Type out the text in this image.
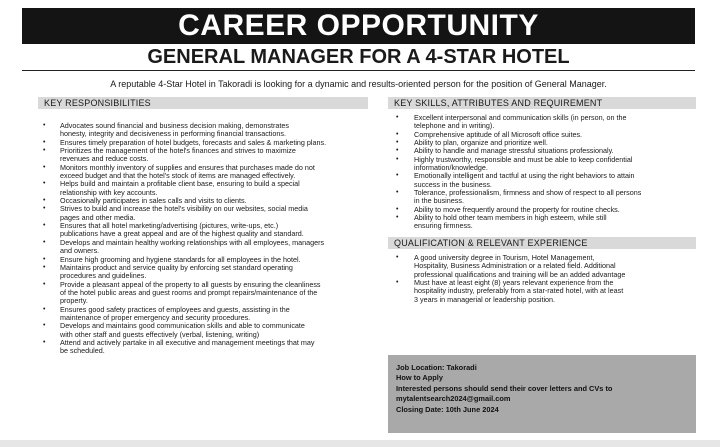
CAREER OPPORTUNITY
GENERAL MANAGER FOR A 4-STAR HOTEL
A reputable 4-Star Hotel in Takoradi is looking for a dynamic and results-oriented person for the position of General Manager.
KEY RESPONSIBILITIES
• Advocates sound financial and business decision making, demonstrates
honesty, integrity and decisiveness in performing financial transactions.
• Ensures timely preparation of hotel budgets, forecasts and sales & marketing plans.
• Prioritizes the management of the hotel's finances and strives to maximize
revenues and reduce costs.
• Monitors monthly inventory of supplies and ensures that purchases made do not
exceed budget and that the hotel's stock of items are managed effectively.
• Helps build and maintain a profitable client base, ensuring to build a special
relationship with key accounts.
• Occasionally participates in sales calls and visits to clients.
• Strives to build and increase the hotel's visibility on our websites, social media
pages and other media.
• Ensures that all hotel marketing/advertising (pictures, write-ups, etc.)
publications have a great appeal and are of the highest quality and standard.
• Develops and maintain healthy working relationships with all employees, managers
and owners.
• Ensure high grooming and hygiene standards for all employees in the hotel.
• Maintains product and service quality by enforcing set standard operating
procedures and guidelines.
• Provide a pleasant appeal of the property to all guests by ensuring the cleanliness
of the hotel public areas and guest rooms and prompt repairs/maintenance of the
property.
• Ensures good safety practices of employees and guests, assisting in the
maintenance of proper emergency and security procedures.
• Develops and maintains good communication skills and able to communicate
with other staff and guests effectively (verbal, listening, writing)
• Attend and actively partake in all executive and management meetings that may
be scheduled.
KEY SKILLS, ATTRIBUTES AND REQUIREMENT
• Excellent interpersonal and communication skills (in person, on the
telephone and in writing).
• Comprehensive aptitude of all Microsoft office suites.
• Ability to plan, organize and prioritize well.
• Ability to handle and manage stressful situations professionaly.
• Highly trustworthy, responsible and must be able to keep confidential
information/knowledge.
• Emotionally intelligent and tactful at using the right behaviors to attain
success in the business.
• Tolerance, professionalism, firmness and show of respect to all persons
in the business.
• Ability to move frequently around the property for routine checks.
• Ability to hold other team members in high esteem, while still
ensuring firmness.
QUALIFICATION & RELEVANT EXPERIENCE
• A good university degree in Tourism, Hotel Management,
Hospitality, Business Administration or a related field. Additional
professional qualifications and training will be an added advantage
• Must have at least eight (8) years relevant experience from the
hospitality industry, preferably from a star-rated hotel, with at least
3 years in managerial or leadership position.
Job Location: Takoradi
How to Apply
Interested persons should send their cover letters and CVs to
mytalentsearch2024@gmail.com
Closing Date: 10th June 2024
